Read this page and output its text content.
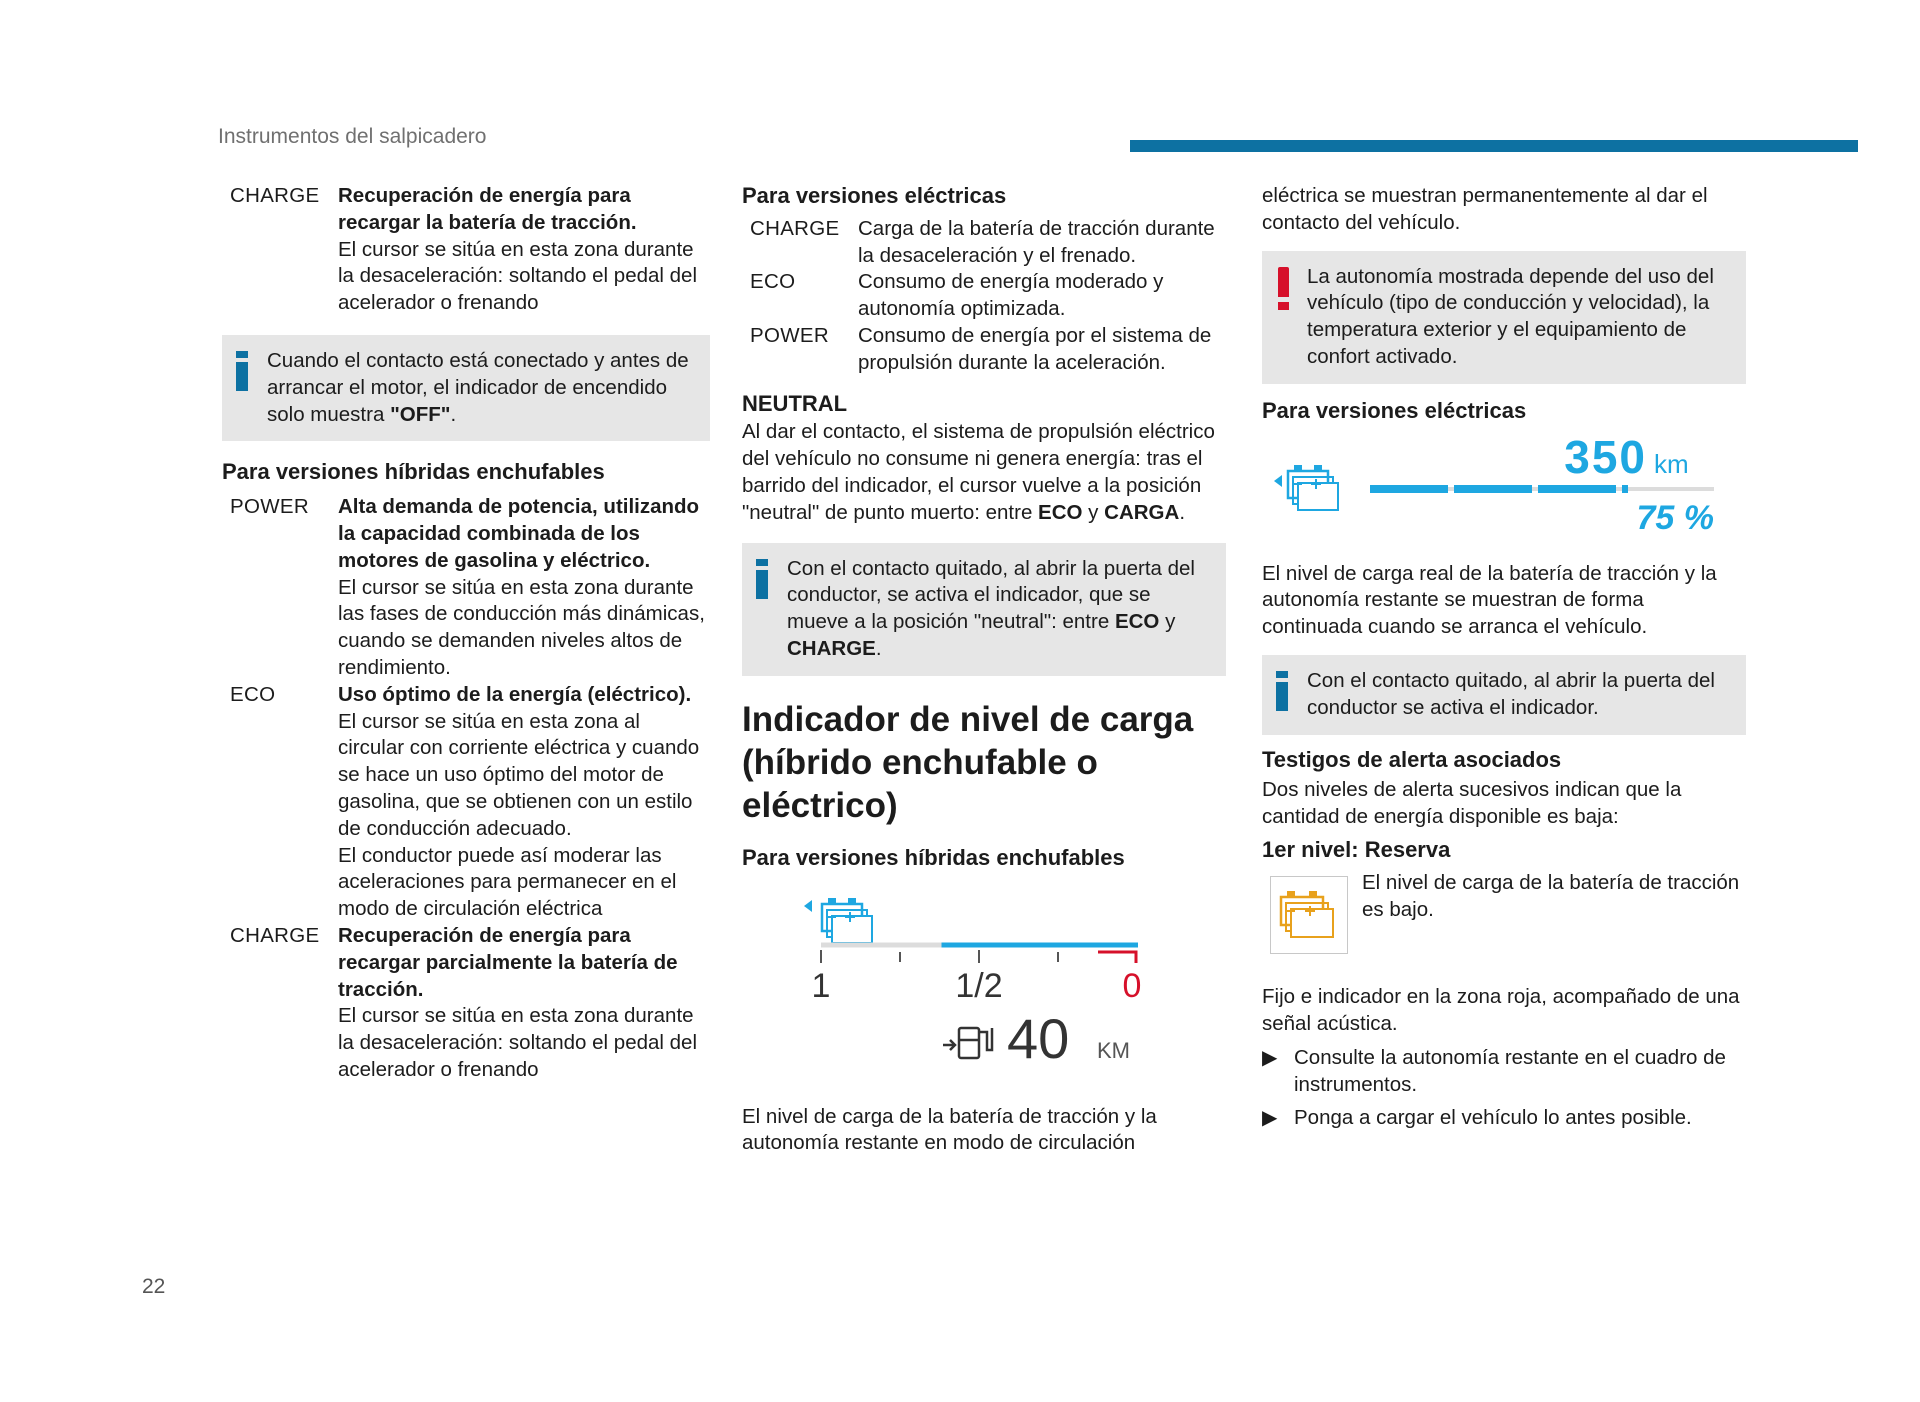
Instrumentos del salpicadero
CHARGE Recuperación de energía para recargar la batería de tracción.
El cursor se sitúa en esta zona durante la desaceleración: soltando el pedal del acelerador o frenando
Cuando el contacto está conectado y antes de arrancar el motor, el indicador de encendido solo muestra "OFF".
Para versiones híbridas enchufables
POWER	Alta demanda de potencia, utilizando la capacidad combinada de los motores de gasolina y eléctrico.
El cursor se sitúa en esta zona durante las fases de conducción más dinámicas, cuando se demanden niveles altos de rendimiento.
ECO	Uso óptimo de la energía (eléctrico).
El cursor se sitúa en esta zona al circular con corriente eléctrica y cuando se hace un uso óptimo del motor de gasolina, que se obtienen con un estilo de conducción adecuado.
El conductor puede así moderar las aceleraciones para permanecer en el modo de circulación eléctrica
CHARGE Recuperación de energía para recargar parcialmente la batería de tracción.
El cursor se sitúa en esta zona durante la desaceleración: soltando el pedal del acelerador o frenando
Para versiones eléctricas
CHARGE Carga de la batería de tracción durante la desaceleración y el frenado.
ECO	Consumo de energía moderado y autonomía optimizada.
POWER	Consumo de energía por el sistema de propulsión durante la aceleración.
NEUTRAL
Al dar el contacto, el sistema de propulsión eléctrico del vehículo no consume ni genera energía: tras el barrido del indicador, el cursor vuelve a la posición "neutral" de punto muerto: entre ECO y CARGA.
Con el contacto quitado, al abrir la puerta del conductor, se activa el indicador, que se mueve a la posición "neutral": entre ECO y CHARGE.
Indicador de nivel de carga (híbrido enchufable o eléctrico)
Para versiones híbridas enchufables
1	1/2	0
40 KM
El nivel de carga de la batería de tracción y la autonomía restante en modo de circulación
eléctrica se muestran permanentemente al dar el contacto del vehículo.
La autonomía mostrada depende del uso del vehículo (tipo de conducción y velocidad), la temperatura exterior y el equipamiento de confort activado.
Para versiones eléctricas
350 km
75 %
El nivel de carga real de la batería de tracción y la autonomía restante se muestran de forma continuada cuando se arranca el vehículo.
Con el contacto quitado, al abrir la puerta del conductor se activa el indicador.
Testigos de alerta asociados
Dos niveles de alerta sucesivos indican que la cantidad de energía disponible es baja:
1er nivel: Reserva
El nivel de carga de la batería de tracción es bajo.
Fijo e indicador en la zona roja, acompañado de una señal acústica.
▶ Consulte la autonomía restante en el cuadro de instrumentos.
▶ Ponga a cargar el vehículo lo antes posible.
22
